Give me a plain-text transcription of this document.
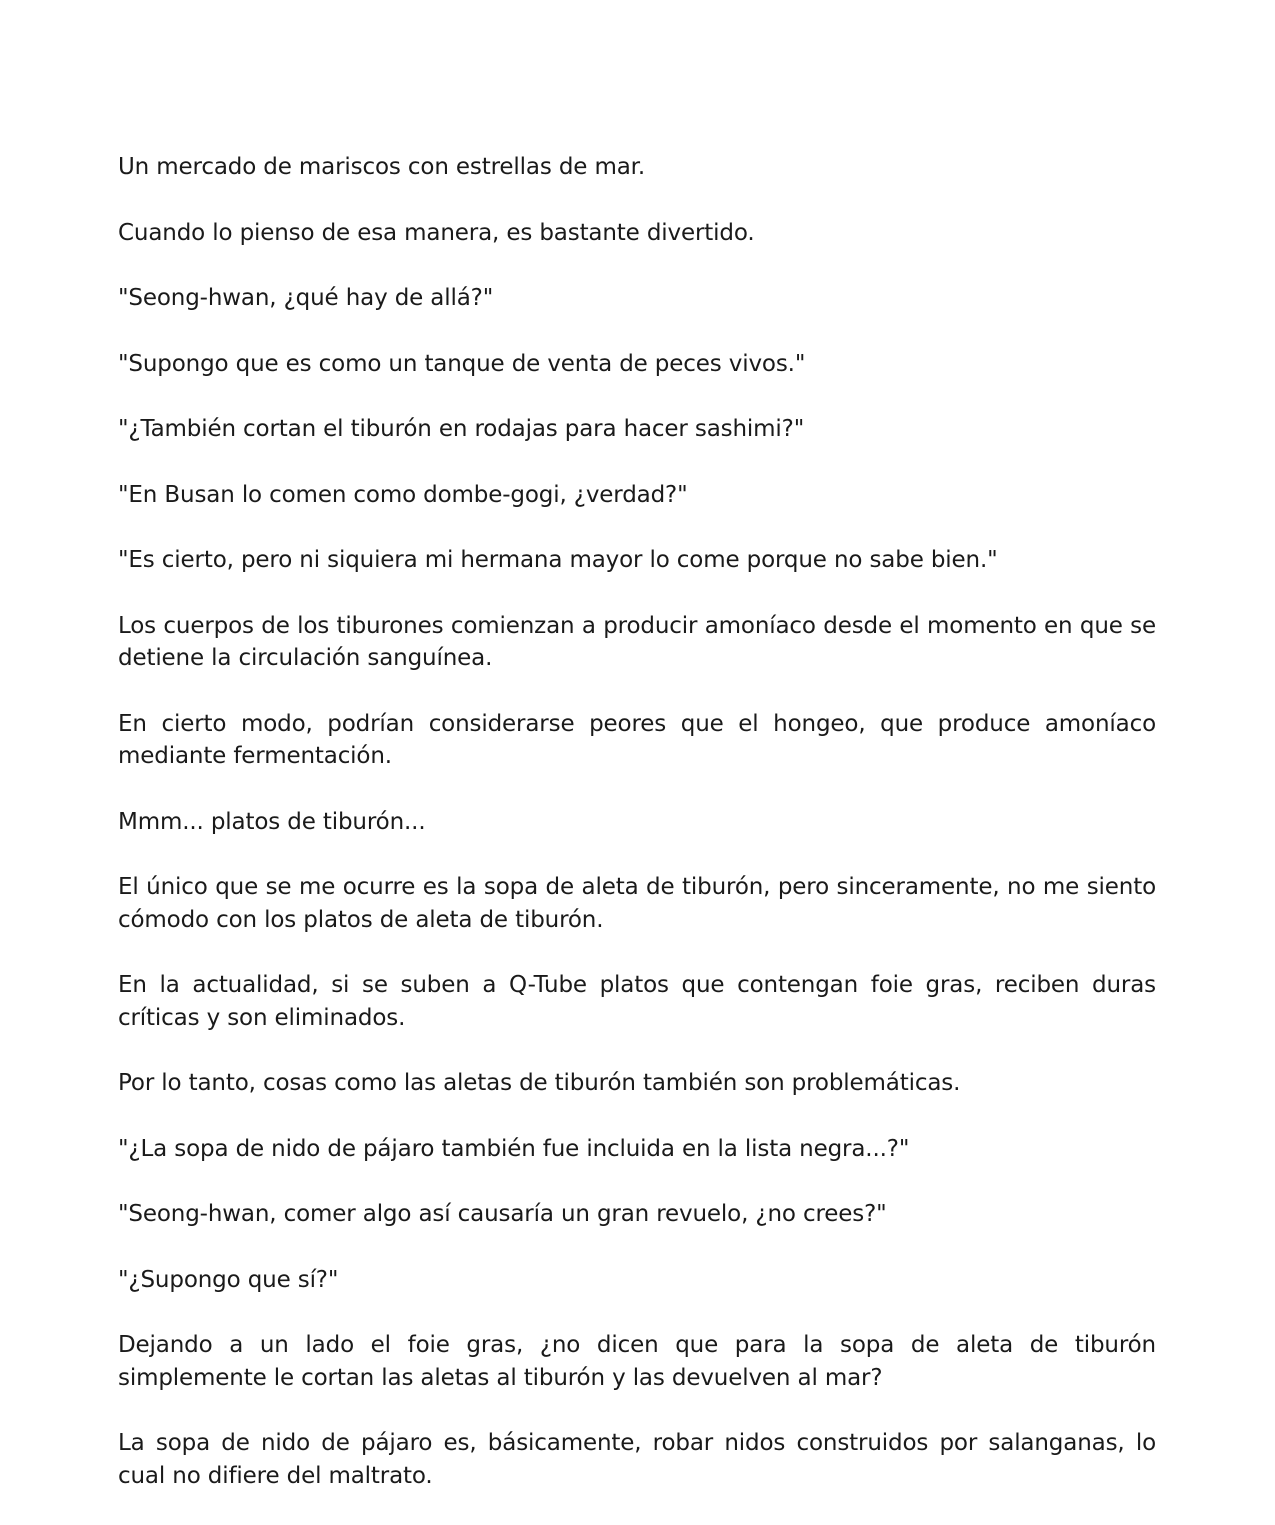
Un mercado de mariscos con estrellas de mar.

Cuando lo pienso de esa manera, es bastante divertido.

"Seong-hwan, ¿qué hay de allá?"

"Supongo que es como un tanque de venta de peces vivos."

"¿También cortan el tiburón en rodajas para hacer sashimi?"

"En Busan lo comen como dombe-gogi, ¿verdad?"

"Es cierto, pero ni siquiera mi hermana mayor lo come porque no sabe bien."

Los cuerpos de los tiburones comienzan a producir amoníaco desde el momento en que se detiene la circulación sanguínea.

En cierto modo, podrían considerarse peores que el hongeo, que produce amoníaco mediante fermentación.

Mmm... platos de tiburón...

El único que se me ocurre es la sopa de aleta de tiburón, pero sinceramente, no me siento cómodo con los platos de aleta de tiburón.

En la actualidad, si se suben a Q-Tube platos que contengan foie gras, reciben duras críticas y son eliminados.

Por lo tanto, cosas como las aletas de tiburón también son problemáticas.

"¿La sopa de nido de pájaro también fue incluida en la lista negra...?"

"Seong-hwan, comer algo así causaría un gran revuelo, ¿no crees?"

"¿Supongo que sí?"

Dejando a un lado el foie gras, ¿no dicen que para la sopa de aleta de tiburón simplemente le cortan las aletas al tiburón y las devuelven al mar?

La sopa de nido de pájaro es, básicamente, robar nidos construidos por salanganas, lo cual no difiere del maltrato.
